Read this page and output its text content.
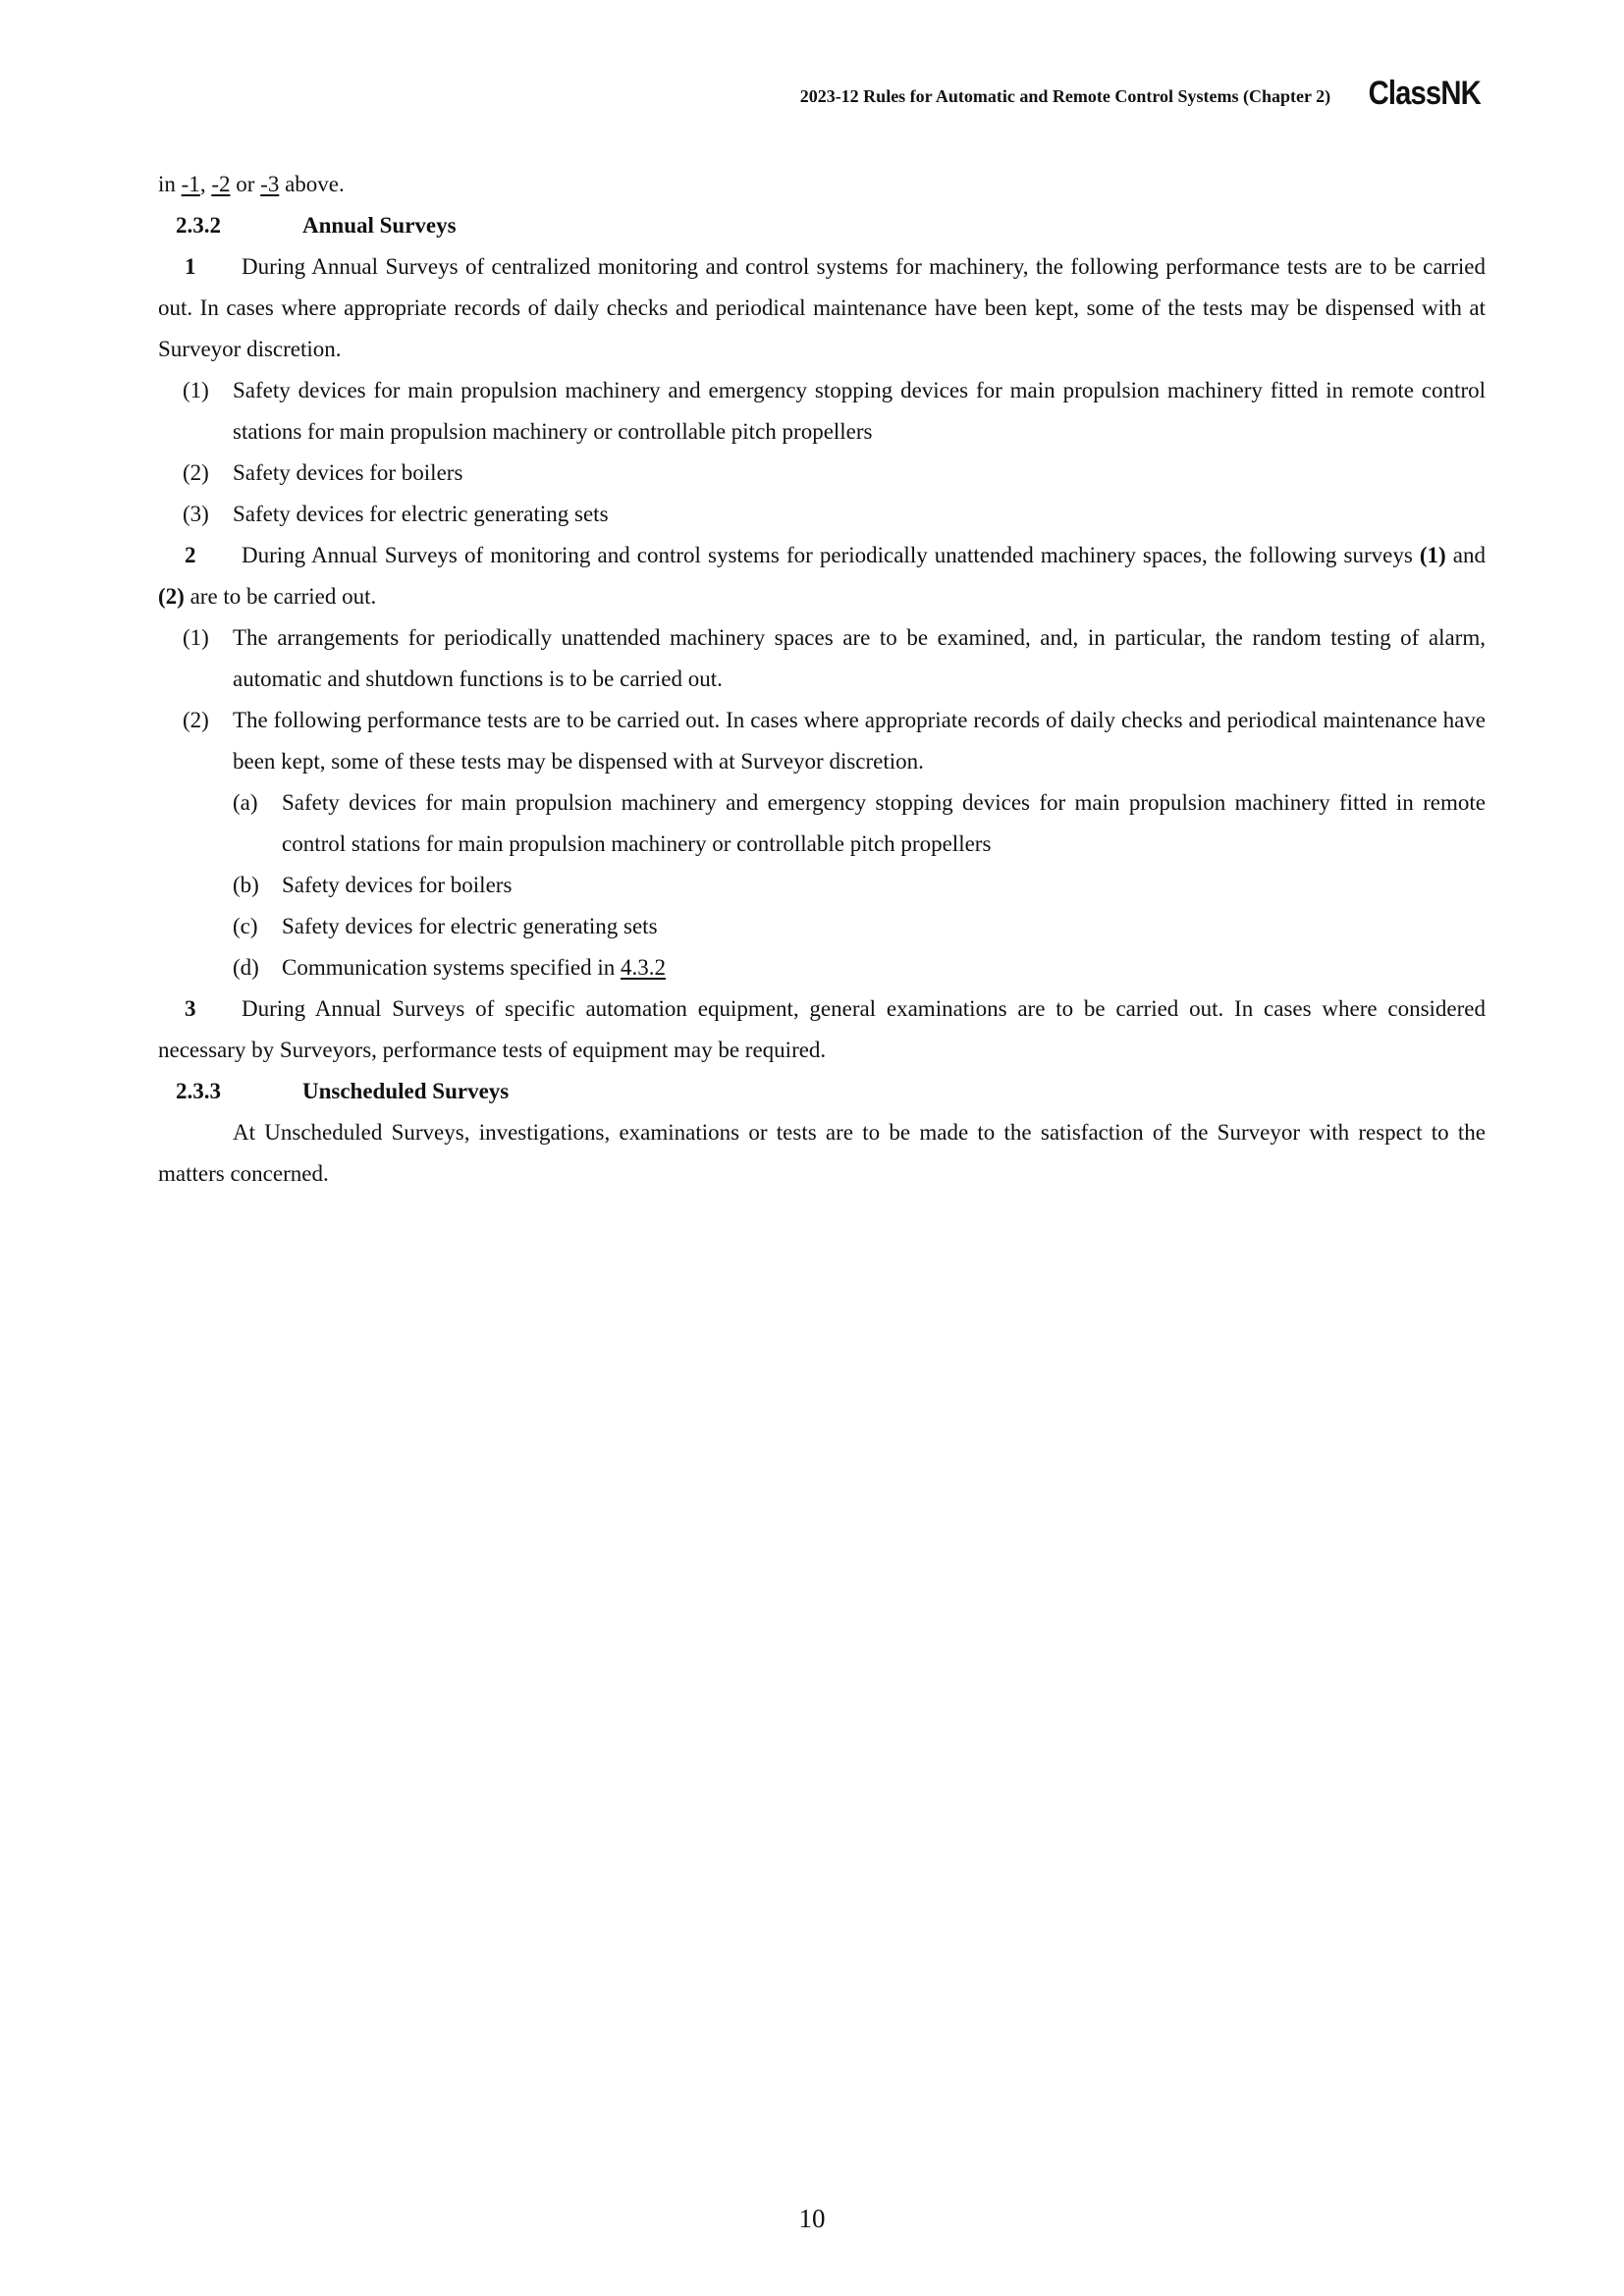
2023-12 Rules for Automatic and Remote Control Systems (Chapter 2) ClassNK
in -1, -2 or -3 above.
2.3.2	Annual Surveys
1 During Annual Surveys of centralized monitoring and control systems for machinery, the following performance tests are to be carried out. In cases where appropriate records of daily checks and periodical maintenance have been kept, some of the tests may be dispensed with at Surveyor discretion.
(1) Safety devices for main propulsion machinery and emergency stopping devices for main propulsion machinery fitted in remote control stations for main propulsion machinery or controllable pitch propellers
(2) Safety devices for boilers
(3) Safety devices for electric generating sets
2 During Annual Surveys of monitoring and control systems for periodically unattended machinery spaces, the following surveys (1) and (2) are to be carried out.
(1) The arrangements for periodically unattended machinery spaces are to be examined, and, in particular, the random testing of alarm, automatic and shutdown functions is to be carried out.
(2) The following performance tests are to be carried out. In cases where appropriate records of daily checks and periodical maintenance have been kept, some of these tests may be dispensed with at Surveyor discretion.
(a) Safety devices for main propulsion machinery and emergency stopping devices for main propulsion machinery fitted in remote control stations for main propulsion machinery or controllable pitch propellers
(b) Safety devices for boilers
(c) Safety devices for electric generating sets
(d) Communication systems specified in 4.3.2
3 During Annual Surveys of specific automation equipment, general examinations are to be carried out. In cases where considered necessary by Surveyors, performance tests of equipment may be required.
2.3.3	Unscheduled Surveys
At Unscheduled Surveys, investigations, examinations or tests are to be made to the satisfaction of the Surveyor with respect to the matters concerned.
10
